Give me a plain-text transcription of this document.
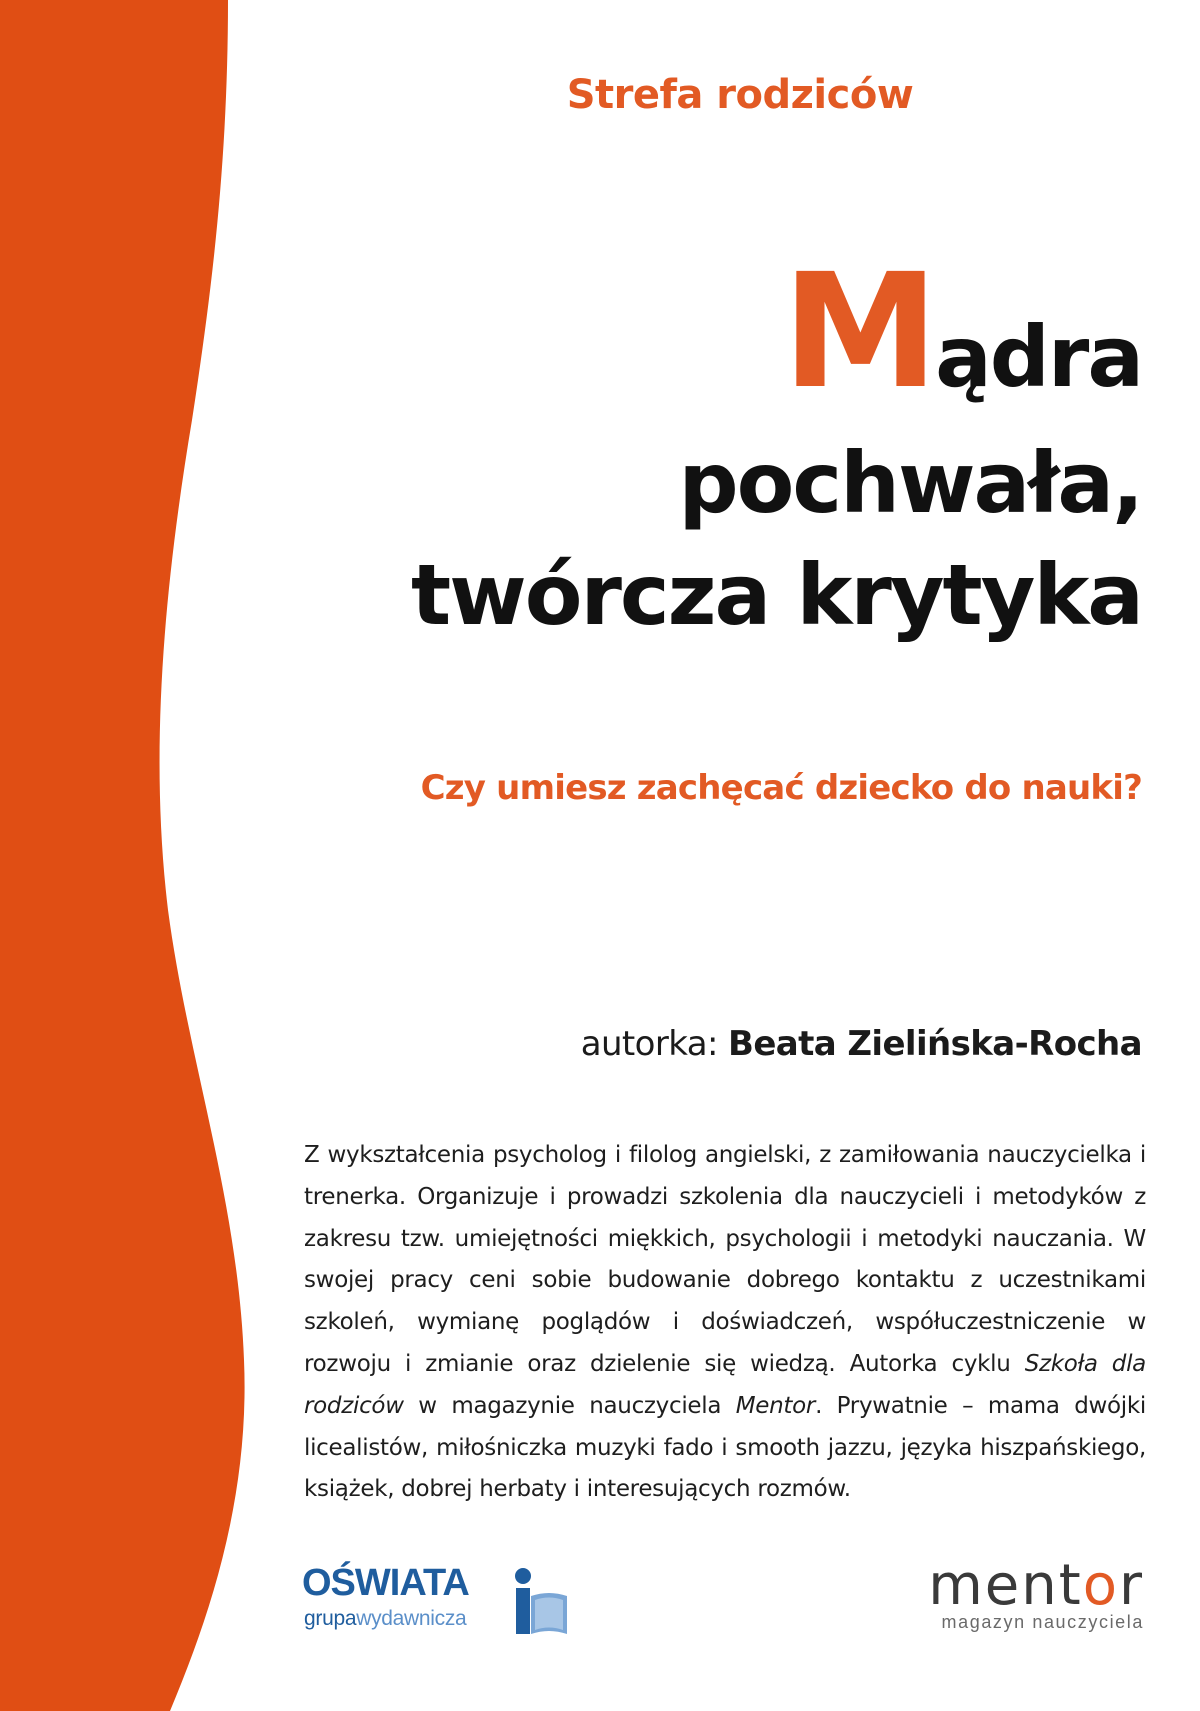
Strefa rodziców
Mądra
pochwała,
twórcza krytyka
Czy umiesz zachęcać dziecko do nauki?
autorka: Beata Zielińska-Rocha

Z wykształcenia psycholog i filolog angielski, z zamiłowania nauczycielka i trenerka. Organizuje i prowadzi szkolenia dla nauczycieli i metodyków z zakresu tzw. umiejętności miękkich, psychologii i metodyki nauczania. W swojej pracy ceni sobie budowanie dobrego kontaktu z uczestnikami szkoleń, wymianę poglądów i doświadczeń, współuczestniczenie w rozwoju i zmianie oraz dzielenie się wiedzą. Autorka cyklu Szkoła dla rodziców w magazynie nauczyciela Mentor. Prywatnie – mama dwójki licealistów, miłośniczka muzyki fado i smooth jazzu, języka hiszpańskiego, książek, dobrej herbaty i interesujących rozmów.

OŚWIATA
grupawydawnicza
mentor
magazyn nauczyciela
